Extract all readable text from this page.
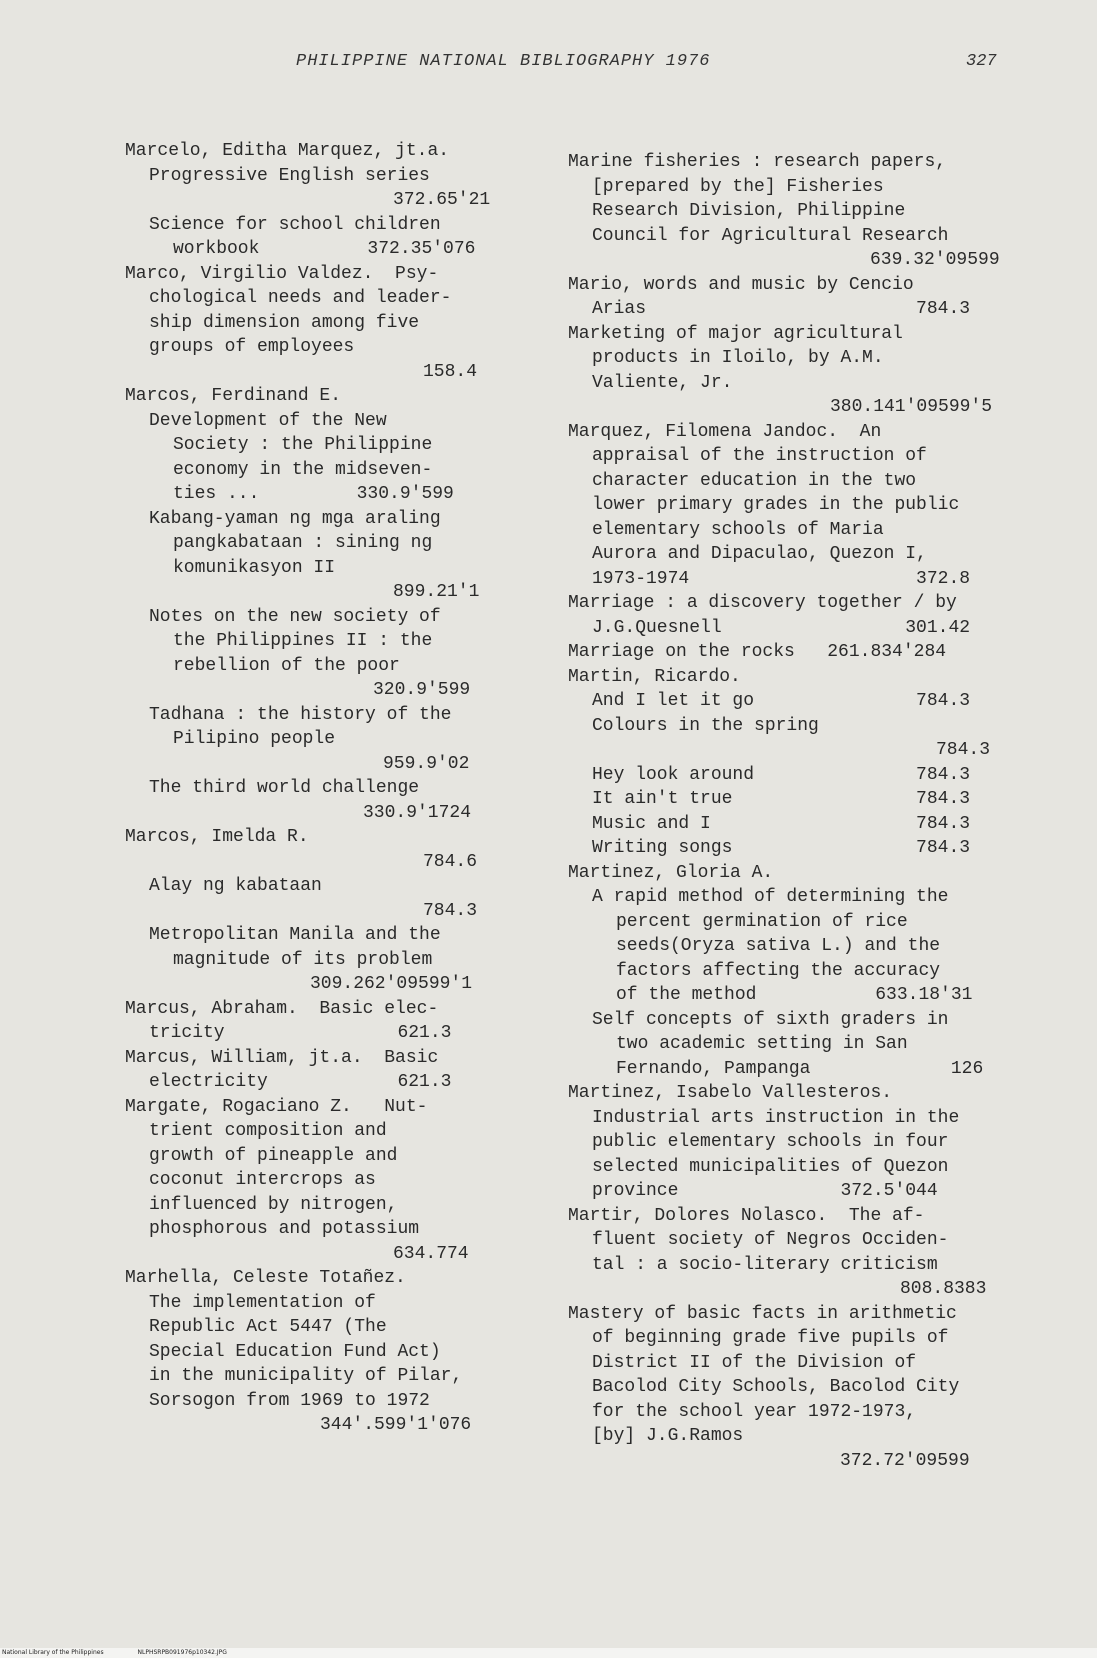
PHILIPPINE NATIONAL BIBLIOGRAPHY 1976	327
Marcelo, Editha Marquez, jt.a.
Progressive English series
372.65'21
Science for school children
workbook          372.35'076
Marco, Virgilio Valdez.  Psy-
chological needs and leader-
ship dimension among five
groups of employees
158.4
Marcos, Ferdinand E.
Development of the New
Society : the Philippine
economy in the midseven-
ties ...         330.9'599
Kabang-yaman ng mga araling
pangkabataan : sining ng
komunikasyon II
899.21'1
Notes on the new society of
the Philippines II : the
rebellion of the poor
320.9'599
Tadhana : the history of the
Pilipino people
959.9'02
The third world challenge
330.9'1724
Marcos, Imelda R.
784.6
Alay ng kabataan
784.3
Metropolitan Manila and the
magnitude of its problem
309.262'09599'1
Marcus, Abraham.  Basic elec-
tricity                621.3
Marcus, William, jt.a.  Basic
electricity            621.3
Margate, Rogaciano Z.   Nut-
trient composition and
growth of pineapple and
coconut intercrops as
influenced by nitrogen,
phosphorous and potassium
634.774
Marhella, Celeste Totañez.
The implementation of
Republic Act 5447 (The
Special Education Fund Act)
in the municipality of Pilar,
Sorsogon from 1969 to 1972
344'.599'1'076
Marine fisheries : research papers,
[prepared by the] Fisheries
Research Division, Philippine
Council for Agricultural Research
639.32'09599
Mario, words and music by Cencio
Arias                         784.3
Marketing of major agricultural
products in Iloilo, by A.M.
Valiente, Jr.
380.141'09599'5
Marquez, Filomena Jandoc.  An
appraisal of the instruction of
character education in the two
lower primary grades in the public
elementary schools of Maria
Aurora and Dipaculao, Quezon I,
1973-1974                     372.8
Marriage : a discovery together / by
J.G.Quesnell                 301.42
Marriage on the rocks   261.834'284
Martin, Ricardo.
And I let it go               784.3
Colours in the spring
784.3
Hey look around               784.3
It ain't true                 784.3
Music and I                   784.3
Writing songs                 784.3
Martinez, Gloria A.
A rapid method of determining the
percent germination of rice
seeds(Oryza sativa L.) and the
factors affecting the accuracy
of the method           633.18'31
Self concepts of sixth graders in
two academic setting in San
Fernando, Pampanga             126
Martinez, Isabelo Vallesteros.
Industrial arts instruction in the
public elementary schools in four
selected municipalities of Quezon
province               372.5'044
Martir, Dolores Nolasco.  The af-
fluent society of Negros Occiden-
tal : a socio-literary criticism
808.8383
Mastery of basic facts in arithmetic
of beginning grade five pupils of
District II of the Division of
Bacolod City Schools, Bacolod City
for the school year 1972-1973,
[by] J.G.Ramos
372.72'09599
National Library of the Philippines	NLPHSRPB091976p10342.JPG
